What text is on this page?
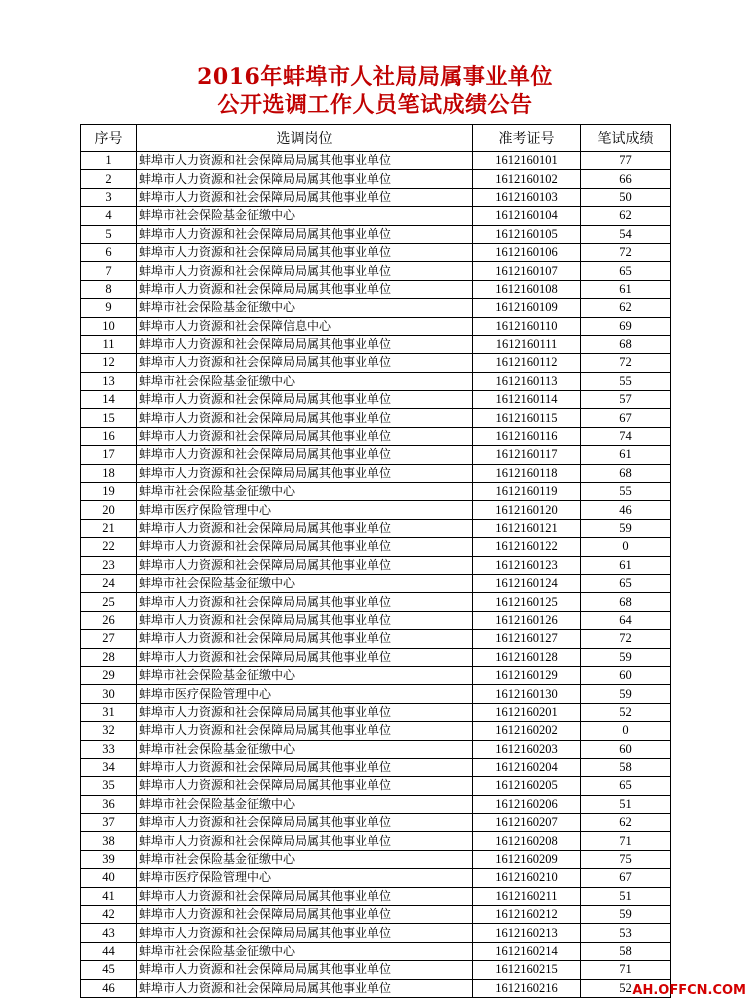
2016年蚌埠市人社局局属事业单位
公开选调工作人员笔试成绩公告
序号	选调岗位	准考证号	笔试成绩
1	蚌埠市人力资源和社会保障局局属其他事业单位	1612160101	77
2	蚌埠市人力资源和社会保障局局属其他事业单位	1612160102	66
3	蚌埠市人力资源和社会保障局局属其他事业单位	1612160103	50
4	蚌埠市社会保险基金征缴中心	1612160104	62
5	蚌埠市人力资源和社会保障局局属其他事业单位	1612160105	54
6	蚌埠市人力资源和社会保障局局属其他事业单位	1612160106	72
7	蚌埠市人力资源和社会保障局局属其他事业单位	1612160107	65
8	蚌埠市人力资源和社会保障局局属其他事业单位	1612160108	61
9	蚌埠市社会保险基金征缴中心	1612160109	62
10	蚌埠市人力资源和社会保障信息中心	1612160110	69
11	蚌埠市人力资源和社会保障局局属其他事业单位	1612160111	68
12	蚌埠市人力资源和社会保障局局属其他事业单位	1612160112	72
13	蚌埠市社会保险基金征缴中心	1612160113	55
14	蚌埠市人力资源和社会保障局局属其他事业单位	1612160114	57
15	蚌埠市人力资源和社会保障局局属其他事业单位	1612160115	67
16	蚌埠市人力资源和社会保障局局属其他事业单位	1612160116	74
17	蚌埠市人力资源和社会保障局局属其他事业单位	1612160117	61
18	蚌埠市人力资源和社会保障局局属其他事业单位	1612160118	68
19	蚌埠市社会保险基金征缴中心	1612160119	55
20	蚌埠市医疗保险管理中心	1612160120	46
21	蚌埠市人力资源和社会保障局局属其他事业单位	1612160121	59
22	蚌埠市人力资源和社会保障局局属其他事业单位	1612160122	0
23	蚌埠市人力资源和社会保障局局属其他事业单位	1612160123	61
24	蚌埠市社会保险基金征缴中心	1612160124	65
25	蚌埠市人力资源和社会保障局局属其他事业单位	1612160125	68
26	蚌埠市人力资源和社会保障局局属其他事业单位	1612160126	64
27	蚌埠市人力资源和社会保障局局属其他事业单位	1612160127	72
28	蚌埠市人力资源和社会保障局局属其他事业单位	1612160128	59
29	蚌埠市社会保险基金征缴中心	1612160129	60
30	蚌埠市医疗保险管理中心	1612160130	59
31	蚌埠市人力资源和社会保障局局属其他事业单位	1612160201	52
32	蚌埠市人力资源和社会保障局局属其他事业单位	1612160202	0
33	蚌埠市社会保险基金征缴中心	1612160203	60
34	蚌埠市人力资源和社会保障局局属其他事业单位	1612160204	58
35	蚌埠市人力资源和社会保障局局属其他事业单位	1612160205	65
36	蚌埠市社会保险基金征缴中心	1612160206	51
37	蚌埠市人力资源和社会保障局局属其他事业单位	1612160207	62
38	蚌埠市人力资源和社会保障局局属其他事业单位	1612160208	71
39	蚌埠市社会保险基金征缴中心	1612160209	75
40	蚌埠市医疗保险管理中心	1612160210	67
41	蚌埠市人力资源和社会保障局局属其他事业单位	1612160211	51
42	蚌埠市人力资源和社会保障局局属其他事业单位	1612160212	59
43	蚌埠市人力资源和社会保障局局属其他事业单位	1612160213	53
44	蚌埠市社会保险基金征缴中心	1612160214	58
45	蚌埠市人力资源和社会保障局局属其他事业单位	1612160215	71
46	蚌埠市人力资源和社会保障局局属其他事业单位	1612160216	52 AH.OFFCN.COM
